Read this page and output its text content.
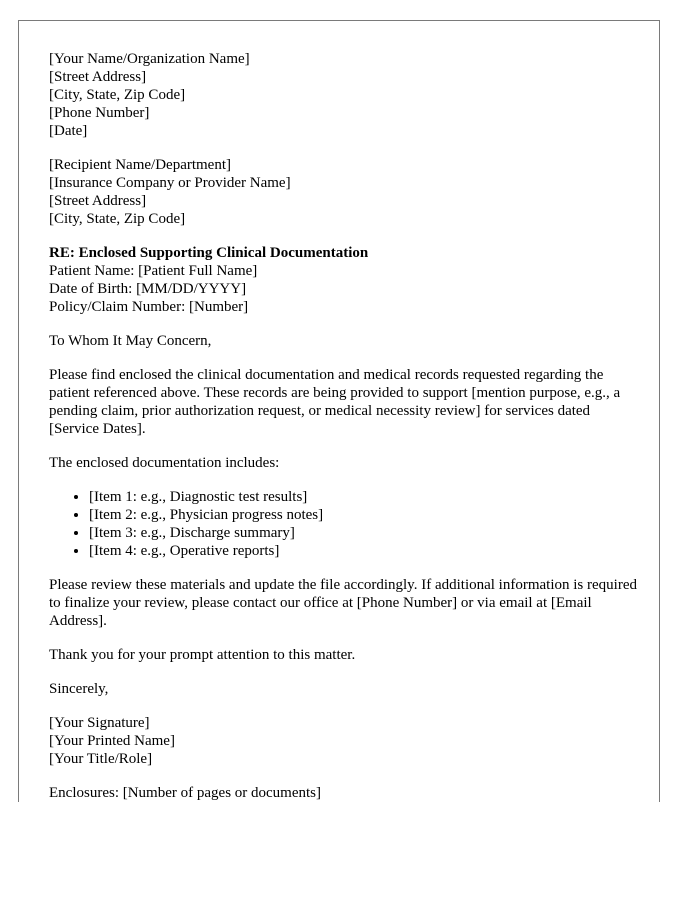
[Your Name/Organization Name]
[Street Address]
[City, State, Zip Code]
[Phone Number]
[Date]
[Recipient Name/Department]
[Insurance Company or Provider Name]
[Street Address]
[City, State, Zip Code]
RE: Enclosed Supporting Clinical Documentation
Patient Name: [Patient Full Name]
Date of Birth: [MM/DD/YYYY]
Policy/Claim Number: [Number]

To Whom It May Concern,

Please find enclosed the clinical documentation and medical records requested regarding the patient referenced above. These records are being provided to support [mention purpose, e.g., a pending claim, prior authorization request, or medical necessity review] for services dated [Service Dates].

The enclosed documentation includes:

• [Item 1: e.g., Diagnostic test results]
• [Item 2: e.g., Physician progress notes]
• [Item 3: e.g., Discharge summary]
• [Item 4: e.g., Operative reports]

Please review these materials and update the file accordingly. If additional information is required to finalize your review, please contact our office at [Phone Number] or via email at [Email Address].

Thank you for your prompt attention to this matter.

Sincerely,

[Your Signature]
[Your Printed Name]
[Your Title/Role]

Enclosures: [Number of pages or documents]
